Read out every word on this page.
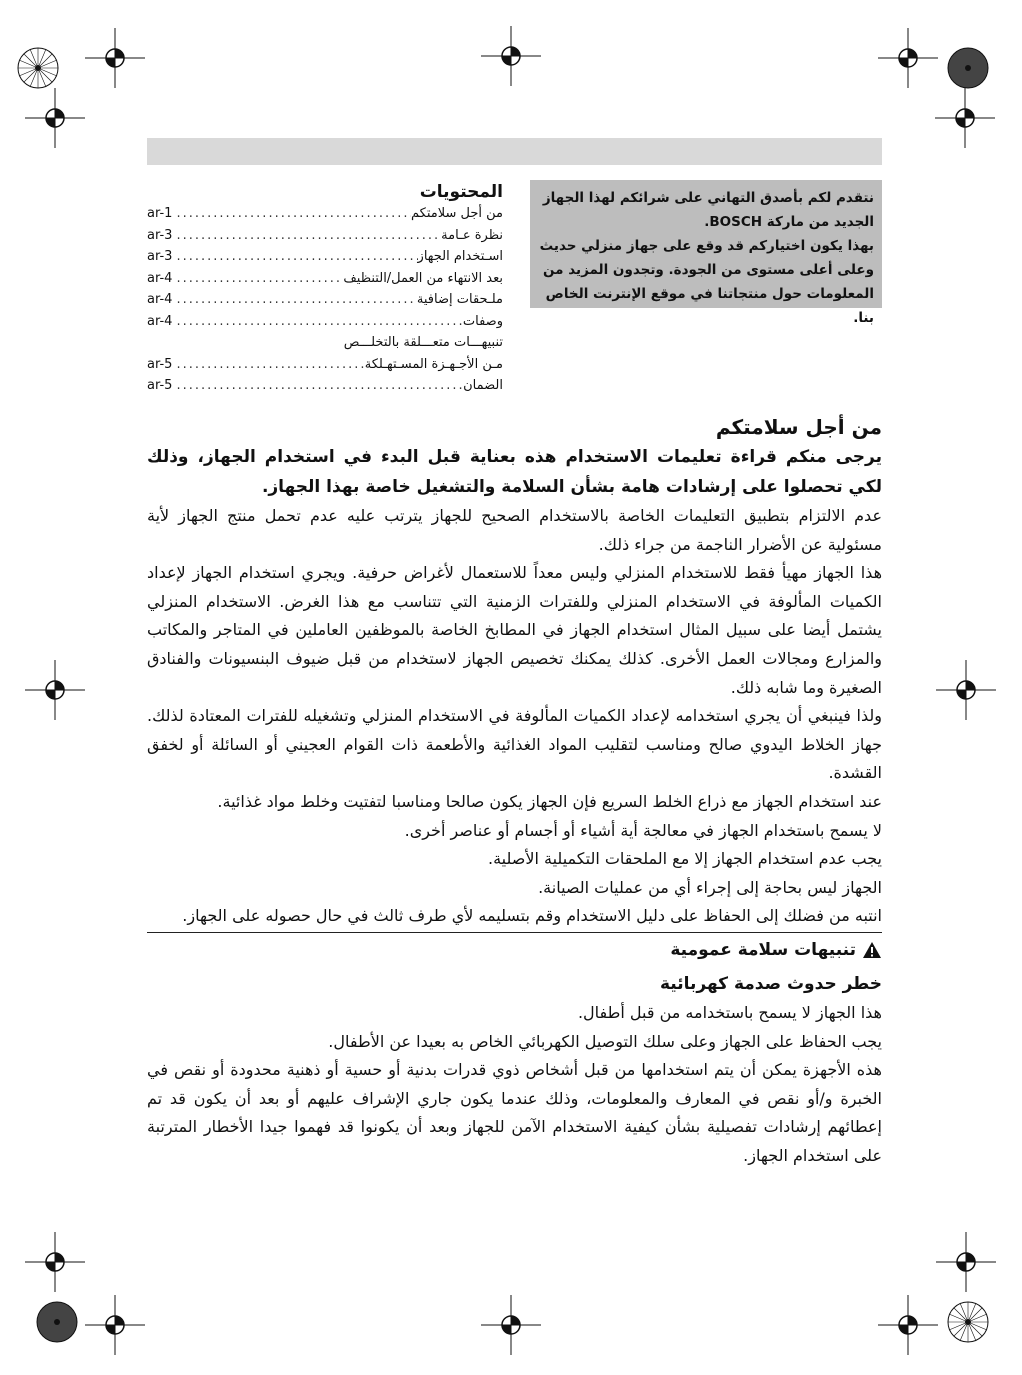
نتقدم لكم بأصدق التهاني على شرائكم لهذا الجهاز
الجديد من ماركة BOSCH.
بهذا يكون اختياركم قد وقع على جهاز منزلي حديث
وعلى أعلى مستوى من الجودة. وتجدون المزيد من
المعلومات حول منتجاتنا في موقع الإنترنت الخاص بنا.
المحتويات
من أجل سلامتكم
.....
ar-1
نظرة عـامة
.....
ar-3
اسـتخدام الجهاز
.....
ar-3
بعد الانتهاء من العمل/التنظيف
.....
ar-4
ملـحقات إضافية
.....
ar-4
وصفات
.....
ar-4
تنبيهـــات متعـــلقة بالتخلـــص
مـن الأجـهـزة المسـتهـلكة
.....
ar-5
الضمان
.....
ar-5
من أجل سلامتكم
يرجى منكم قراءة تعليمات الاستخدام هذه بعناية قبل البدء في استخدام الجهاز، وذلك لكي تحصلوا على إرشادات هامة بشأن السلامة والتشغيل خاصة بهذا الجهاز.

عدم الالتزام بتطبيق التعليمات الخاصة بالاستخدام الصحيح للجهاز يترتب عليه عدم تحمل منتج الجهاز لأية مسئولية عن الأضرار الناجمة من جراء ذلك.

هذا الجهاز مهيأ فقط للاستخدام المنزلي وليس معداً للاستعمال لأغراض حرفية. ويجري استخدام الجهاز لإعداد الكميات المألوفة في الاستخدام المنزلي وللفترات الزمنية التي تتناسب مع هذا الغرض. الاستخدام المنزلي يشتمل أيضا على سبيل المثال استخدام الجهاز في المطابخ الخاصة بالموظفين العاملين في المتاجر والمكاتب والمزارع ومجالات العمل الأخرى. كذلك يمكنك تخصيص الجهاز لاستخدام من قبل ضيوف البنسيونات والفنادق الصغيرة وما شابه ذلك.

ولذا فينبغي أن يجري استخدامه لإعداد الكميات المألوفة في الاستخدام المنزلي وتشغيله للفترات المعتادة لذلك. جهاز الخلاط اليدوي صالح ومناسب لتقليب المواد الغذائية والأطعمة ذات القوام العجيني أو السائلة أو لخفق القشدة.

عند استخدام الجهاز مع ذراع الخلط السريع فإن الجهاز يكون صالحا ومناسبا لتفتيت وخلط مواد غذائية.

لا يسمح باستخدام الجهاز في معالجة أية أشياء أو أجسام أو عناصر أخرى.

يجب عدم استخدام الجهاز إلا مع الملحقات التكميلية الأصلية.

الجهاز ليس بحاجة إلى إجراء أي من عمليات الصيانة.

انتبه من فضلك إلى الحفاظ على دليل الاستخدام وقم بتسليمه لأي طرف ثالث في حال حصوله على الجهاز.

تنبيهات سلامة عمومية
خطر حدوث صدمة كهربائية

هذا الجهاز لا يسمح باستخدامه من قبل أطفال.

يجب الحفاظ على الجهاز وعلى سلك التوصيل الكهربائي الخاص به بعيدا عن الأطفال.

هذه الأجهزة يمكن أن يتم استخدامها من قبل أشخاص ذوي قدرات بدنية أو حسية أو ذهنية محدودة أو نقص في الخبرة و/أو نقص في المعارف والمعلومات، وذلك عندما يكون جاري الإشراف عليهم أو بعد أن يكون قد تم إعطائهم إرشادات تفصيلية بشأن كيفية الاستخدام الآمن للجهاز وبعد أن يكونوا قد فهموا جيدا الأخطار المترتبة على استخدام الجهاز.
